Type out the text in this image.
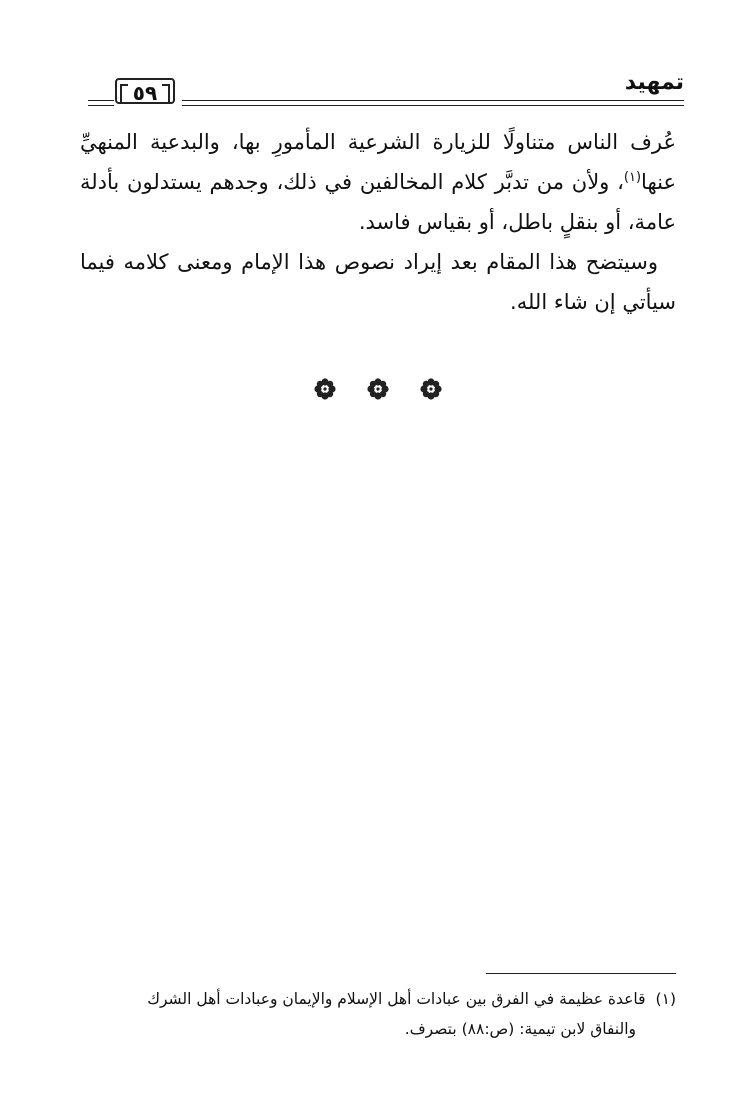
٥٩	تمهيد

عُرف الناس متناولًا للزيارة الشرعية المأمورِ بها، والبدعية المنهيِّ عنها$^{(١)}$، ولأن من تدبَّر كلام المخالفين في ذلك، وجدهم يستدلون بأدلة عامة، أو بنقلٍ باطل، أو بقياس فاسد.

وسيتضح هذا المقام بعد إيراد نصوص هذا الإمام ومعنى كلامه فيما سيأتي إن شاء الله.

(١)قاعدة عظيمة في الفرق بين عبادات أهل الإسلام والإيمان وعبادات أهل الشرك

والنفاق لابن تيمية: (ص:٨٨) بتصرف.
